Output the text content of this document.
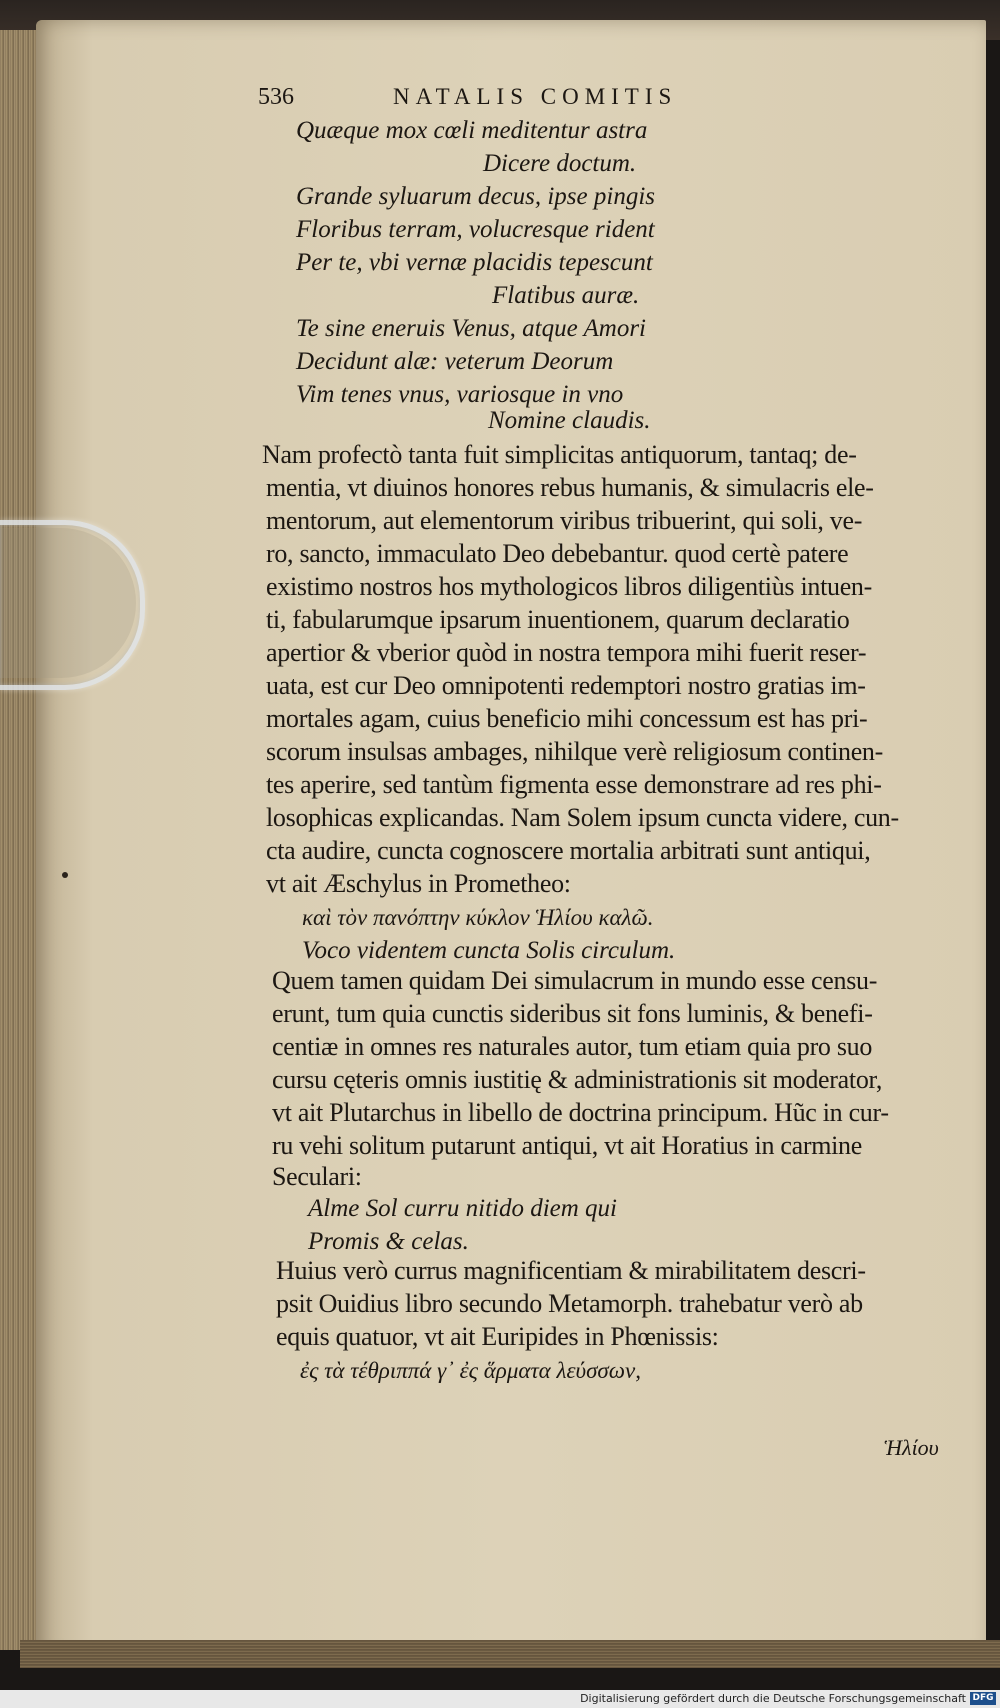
536	NATALIS COMITIS
Quæque mox cœli meditentur astra
Dicere doctum.
Grande syluarum decus, ipse pingis
Floribus terram, volucresque rident
Per te, vbi vernæ placidis tepescunt
Flatibus auræ.
Te sine eneruis Venus, atque Amori
Decidunt alæ: veterum Deorum
Vim tenes vnus, variosque in vno
Nomine claudis.
Nam profectò tanta fuit simplicitas antiquorum, tantaq; de-
mentia, vt diuinos honores rebus humanis, & simulacris ele-
mentorum, aut elementorum viribus tribuerint, qui soli, ve-
ro, sancto, immaculato Deo debebantur. quod certè patere
existimo nostros hos mythologicos libros diligentiùs intuen-
ti, fabularumque ipsarum inuentionem, quarum declaratio
apertior & vberior quòd in nostra tempora mihi fuerit reser-
uata, est cur Deo omnipotenti redemptori nostro gratias im-
mortales agam, cuius beneficio mihi concessum est has pri-
scorum insulsas ambages, nihilque verè religiosum continen-
tes aperire, sed tantùm figmenta esse demonstrare ad res phi-
losophicas explicandas. Nam Solem ipsum cuncta videre, cun-
cta audire, cuncta cognoscere mortalia arbitrati sunt antiqui,
vt ait Æschylus in Prometheo:
καὶ τὸν πανόπτην κύκλον Ἡλίου καλῶ.
Voco videntem cuncta Solis circulum.
Quem tamen quidam Dei simulacrum in mundo esse censu-
erunt, tum quia cunctis sideribus sit fons luminis, & benefi-
centiæ in omnes res naturales autor, tum etiam quia pro suo
cursu cęteris omnis iustitię & administrationis sit moderator,
vt ait Plutarchus in libello de doctrina principum. Hũc in cur-
ru vehi solitum putarunt antiqui, vt ait Horatius in carmine
Seculari:
Alme Sol curru nitido diem qui
Promis & celas.
Huius verò currus magnificentiam & mirabilitatem descri-
psit Ouidius libro secundo Metamorph. trahebatur verò ab
equis quatuor, vt ait Euripides in Phœnissis:
ἐς τὰ τέθριππά γ᾽ ἐς ἅρματα λεύσσων,
Ἡλίου
Digitalisierung gefördert durch die Deutsche Forschungsgemeinschaft DFG
